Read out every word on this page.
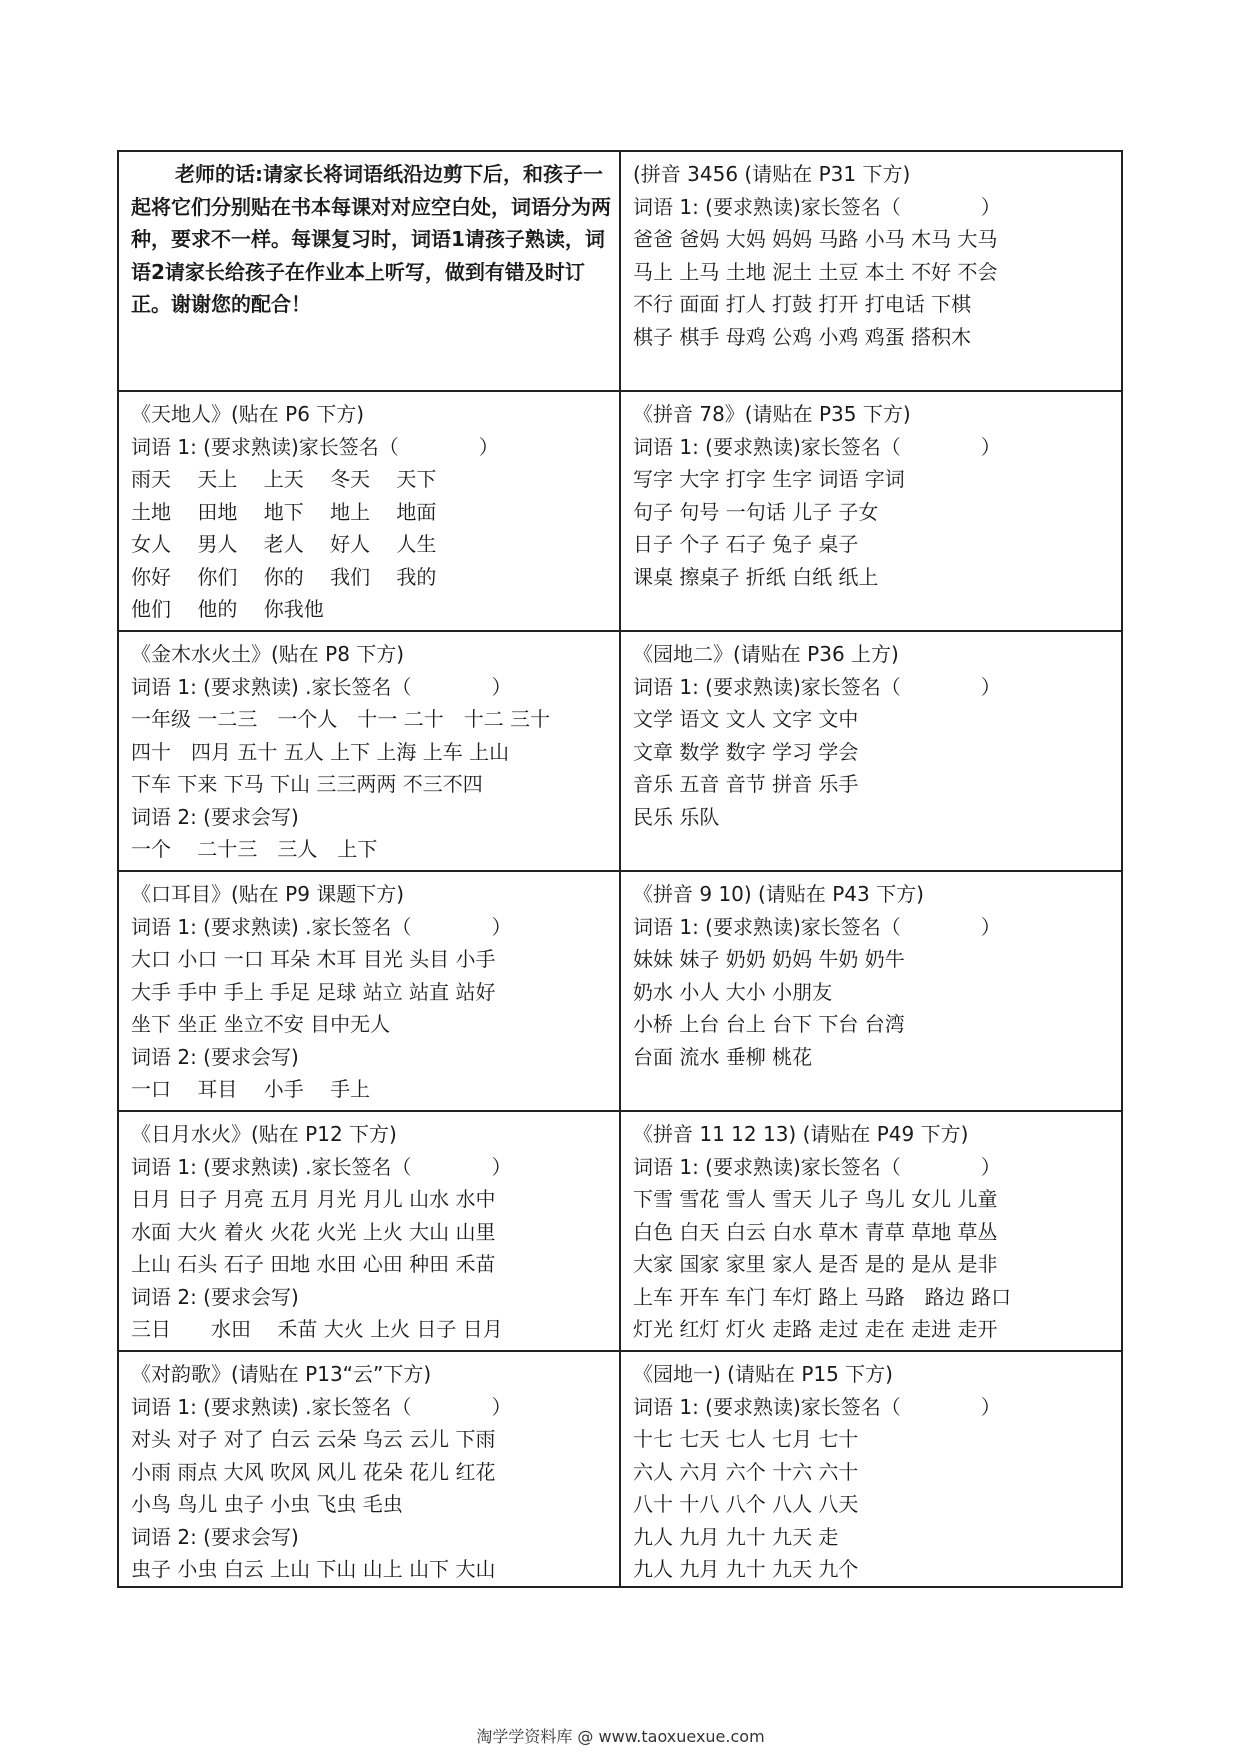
老师的话:请家长将词语纸沿边剪下后，和孩子一起将它们分别贴在书本每课对对应空白处，词语分为两种，要求不一样。每课复习时，词语1请孩子熟读，词语2请家长给孩子在作业本上听写，做到有错及时订正。谢谢您的配合！
(拼音 3456 (请贴在 P31 下方)
词语 1: (要求熟读)家长签名（　　　　）
爸爸 爸妈 大妈 妈妈 马路 小马 木马 大马
马上 上马 土地 泥土 土豆 本土 不好 不会
不行 面面 打人 打鼓 打开 打电话 下棋
棋子 棋手 母鸡 公鸡 小鸡 鸡蛋 搭积木
《天地人》(贴在 P6 下方)
词语 1: (要求熟读)家长签名（　　　　）
雨天　 天上　 上天　 冬天　 天下
土地　 田地　 地下　 地上　 地面
女人　 男人　 老人　 好人　 人生
你好　 你们　 你的　 我们　 我的
他们　 他的　 你我他
《拼音 78》(请贴在 P35 下方)
词语 1: (要求熟读)家长签名（　　　　）
写字 大字 打字 生字 词语 字词
句子 句号 一句话 儿子 子女
日子 个子 石子 兔子 桌子
课桌 擦桌子 折纸 白纸 纸上
《金木水火土》(贴在 P8 下方)
词语 1: (要求熟读) .家长签名（　　　　）
一年级 一二三　一个人　十一 二十　十二 三十
四十　四月 五十 五人 上下 上海 上车 上山
下车 下来 下马 下山 三三两两 不三不四
词语 2: (要求会写)
一个　 二十三　三人　上下
《园地二》(请贴在 P36 上方)
词语 1: (要求熟读)家长签名（　　　　）
文学 语文 文人 文字 文中
文章 数学 数字 学习 学会
音乐 五音 音节 拼音 乐手
民乐 乐队
《口耳目》(贴在 P9 课题下方)
词语 1: (要求熟读) .家长签名（　　　　）
大口 小口 一口 耳朵 木耳 目光 头目 小手
大手 手中 手上 手足 足球 站立 站直 站好
坐下 坐正 坐立不安 目中无人
词语 2: (要求会写)
一口　 耳目　 小手　 手上
《拼音 9 10) (请贴在 P43 下方)
词语 1: (要求熟读)家长签名（　　　　）
妹妹 妹子 奶奶 奶妈 牛奶 奶牛
奶水 小人 大小 小朋友
小桥 上台 台上 台下 下台 台湾
台面 流水 垂柳 桃花
《日月水火》(贴在 P12 下方)
词语 1: (要求熟读) .家长签名（　　　　）
日月 日子 月亮 五月 月光 月儿 山水 水中
水面 大火 着火 火花 火光 上火 大山 山里
上山 石头 石子 田地 水田 心田 种田 禾苗
词语 2: (要求会写)
三日　　水田　 禾苗 大火 上火 日子 日月
《拼音 11 12 13) (请贴在 P49 下方)
词语 1: (要求熟读)家长签名（　　　　）
下雪 雪花 雪人 雪天 儿子 鸟儿 女儿 儿童
白色 白天 白云 白水 草木 青草 草地 草丛
大家 国家 家里 家人 是否 是的 是从 是非
上车 开车 车门 车灯 路上 马路　路边 路口
灯光 红灯 灯火 走路 走过 走在 走进 走开
《对韵歌》(请贴在 P13“云”下方)
词语 1: (要求熟读) .家长签名（　　　　）
对头 对子 对了 白云 云朵 乌云 云儿 下雨
小雨 雨点 大风 吹风 风儿 花朵 花儿 红花
小鸟 鸟儿 虫子 小虫 飞虫 毛虫
词语 2: (要求会写)
虫子 小虫 白云 上山 下山 山上 山下 大山
《园地一) (请贴在 P15 下方)
词语 1: (要求熟读)家长签名（　　　　）
十七 七天 七人 七月 七十
六人 六月 六个 十六 六十
八十 十八 八个 八人 八天
九人 九月 九十 九天 走
九人 九月 九十 九天 九个
淘学学资料库 @ www.taoxuexue.com
